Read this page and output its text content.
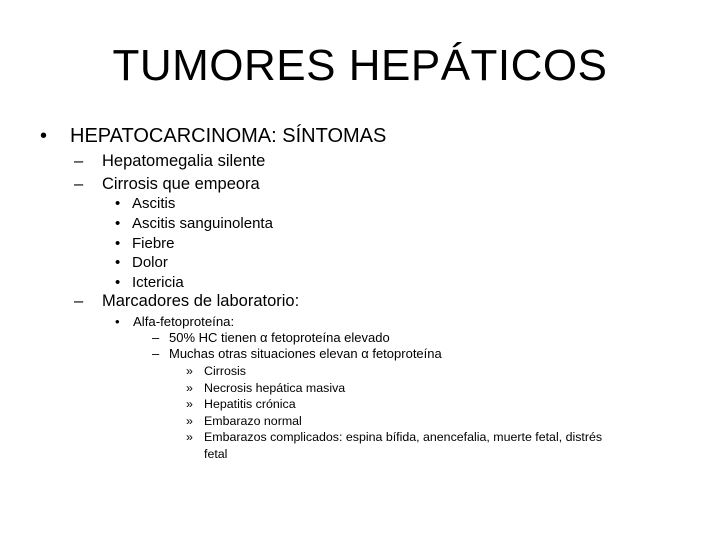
TUMORES HEPÁTICOS
• HEPATOCARCINOMA: SÍNTOMAS
– Hepatomegalia silente
– Cirrosis que empeora
• Ascitis

• Ascitis sanguinolenta

• Fiebre

• Dolor

• Ictericia

– Marcadores de laboratorio:
• Alfa-fetoproteína:
– 50% HC tienen α fetoproteína elevado

– Muchas otras situaciones elevan α fetoproteína

» Cirrosis

» Necrosis hepática masiva

» Hepatitis crónica

» Embarazo normal

» Embarazos complicados: espina bífida, anencefalia, muerte fetal, distrés

fetal
